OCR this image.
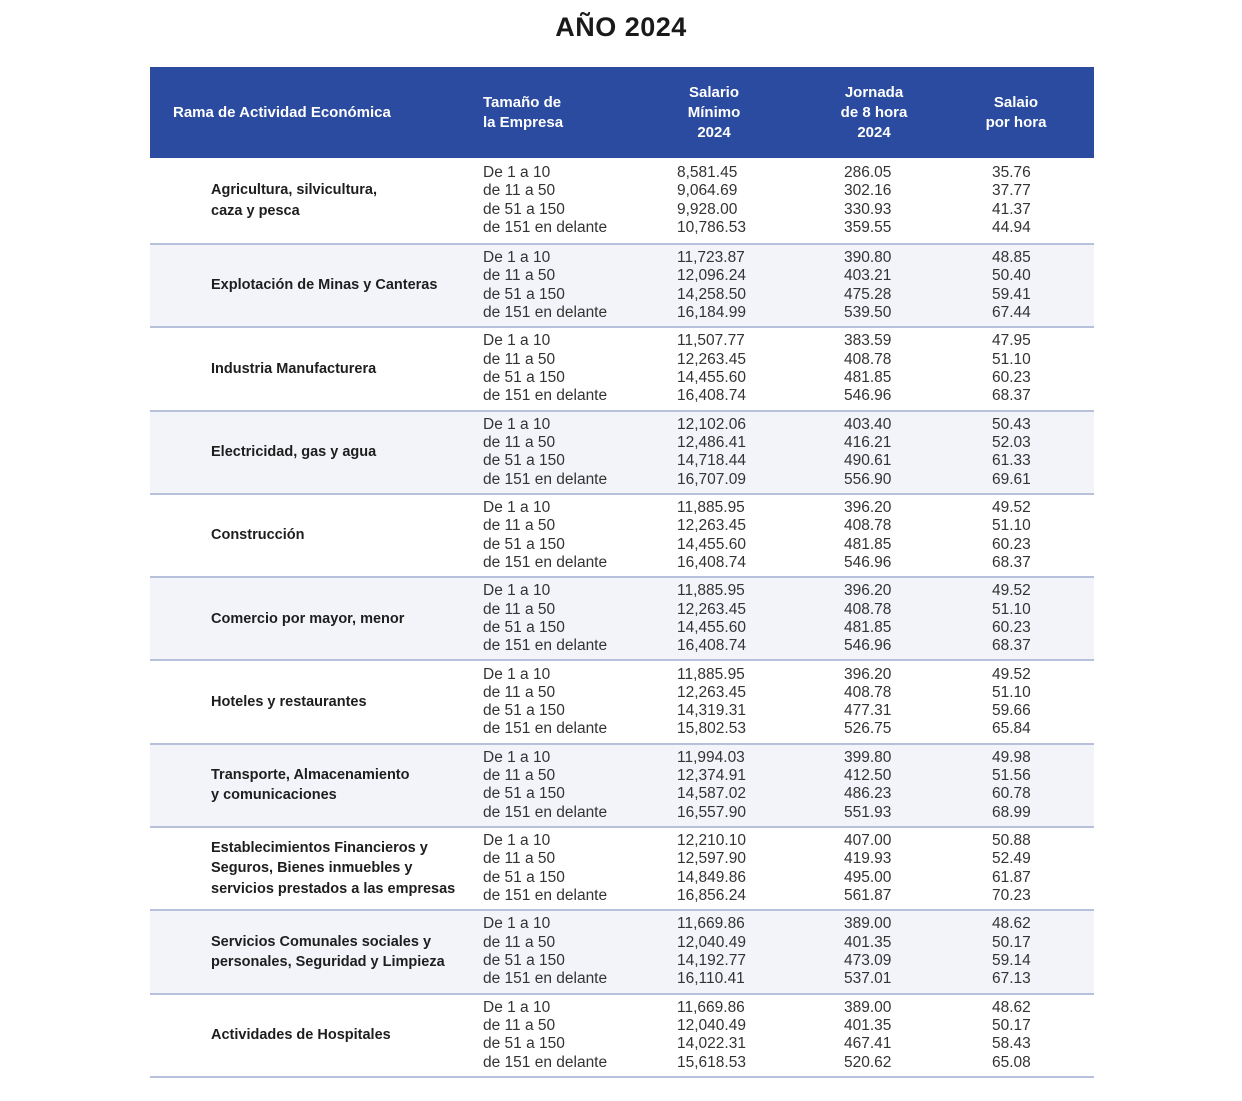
AÑO 2024
Rama de Actividad Económica
Tamaño de
la Empresa
Salario
Mínimo
2024
Jornada
de 8 hora
2024
Salaio
por hora
Agricultura, silvicultura,
caza y pesca
De 1 a 10
de 11 a 50
de 51 a 150
de 151 en delante
8,581.45
9,064.69
9,928.00
10,786.53
286.05
302.16
330.93
359.55
35.76
37.77
41.37
44.94
Explotación de Minas y Canteras
De 1 a 10
de 11 a 50
de 51 a 150
de 151 en delante
11,723.87
12,096.24
14,258.50
16,184.99
390.80
403.21
475.28
539.50
48.85
50.40
59.41
67.44
Industria Manufacturera
De 1 a 10
de 11 a 50
de 51 a 150
de 151 en delante
11,507.77
12,263.45
14,455.60
16,408.74
383.59
408.78
481.85
546.96
47.95
51.10
60.23
68.37
Electricidad, gas y agua
De 1 a 10
de 11 a 50
de 51 a 150
de 151 en delante
12,102.06
12,486.41
14,718.44
16,707.09
403.40
416.21
490.61
556.90
50.43
52.03
61.33
69.61
Construcción
De 1 a 10
de 11 a 50
de 51 a 150
de 151 en delante
11,885.95
12,263.45
14,455.60
16,408.74
396.20
408.78
481.85
546.96
49.52
51.10
60.23
68.37
Comercio por mayor, menor
De 1 a 10
de 11 a 50
de 51 a 150
de 151 en delante
11,885.95
12,263.45
14,455.60
16,408.74
396.20
408.78
481.85
546.96
49.52
51.10
60.23
68.37
Hoteles y restaurantes
De 1 a 10
de 11 a 50
de 51 a 150
de 151 en delante
11,885.95
12,263.45
14,319.31
15,802.53
396.20
408.78
477.31
526.75
49.52
51.10
59.66
65.84
Transporte, Almacenamiento
y comunicaciones
De 1 a 10
de 11 a 50
de 51 a 150
de 151 en delante
11,994.03
12,374.91
14,587.02
16,557.90
399.80
412.50
486.23
551.93
49.98
51.56
60.78
68.99
Establecimientos Financieros y
Seguros, Bienes inmuebles y
servicios prestados a las empresas
De 1 a 10
de 11 a 50
de 51 a 150
de 151 en delante
12,210.10
12,597.90
14,849.86
16,856.24
407.00
419.93
495.00
561.87
50.88
52.49
61.87
70.23
Servicios Comunales sociales y
personales, Seguridad y Limpieza
De 1 a 10
de 11 a 50
de 51 a 150
de 151 en delante
11,669.86
12,040.49
14,192.77
16,110.41
389.00
401.35
473.09
537.01
48.62
50.17
59.14
67.13
Actividades de Hospitales
De 1 a 10
de 11 a 50
de 51 a 150
de 151 en delante
11,669.86
12,040.49
14,022.31
15,618.53
389.00
401.35
467.41
520.62
48.62
50.17
58.43
65.08
